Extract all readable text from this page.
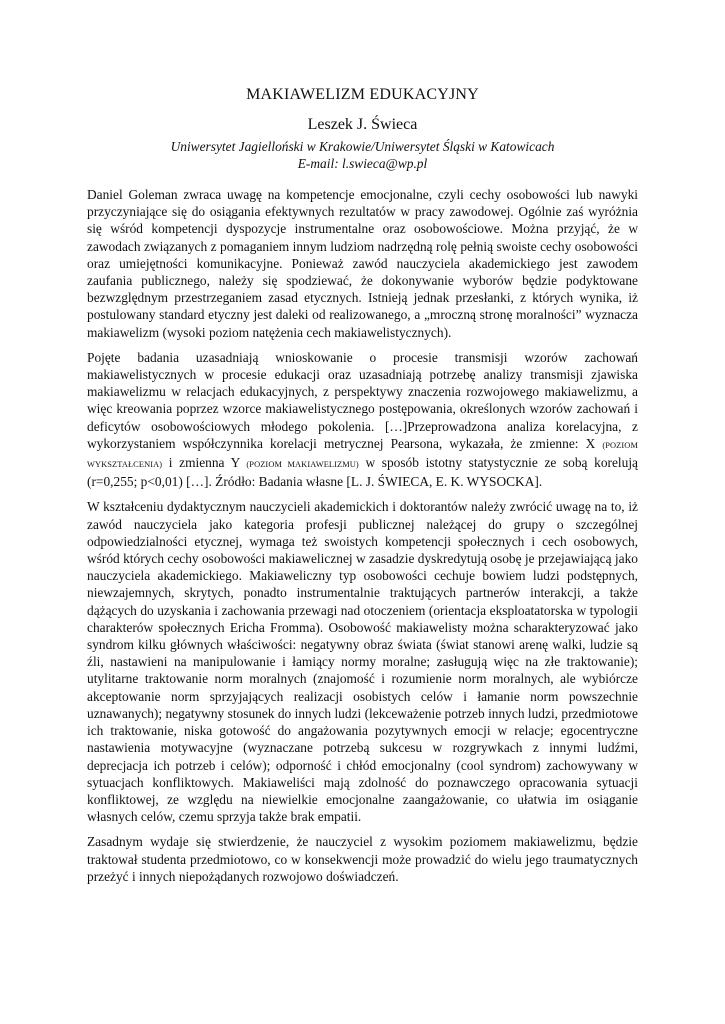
MAKIAWELIZM EDUKACYJNY
Leszek J. Świeca
Uniwersytet Jagielloński w Krakowie/Uniwersytet Śląski w Katowicach
E-mail: l.swieca@wp.pl

Daniel Goleman zwraca uwagę na kompetencje emocjonalne, czyli cechy osobowości lub nawyki przyczyniające się do osiągania efektywnych rezultatów w pracy zawodowej. Ogólnie zaś wyróżnia się wśród kompetencji dyspozycje instrumentalne oraz osobowościowe. Można przyjąć, że w zawodach związanych z pomaganiem innym ludziom nadrzędną rolę pełnią swoiste cechy osobowości oraz umiejętności komunikacyjne. Ponieważ zawód nauczyciela akademickiego jest zawodem zaufania publicznego, należy się spodziewać, że dokonywanie wyborów będzie podyktowane bezwzględnym przestrzeganiem zasad etycznych. Istnieją jednak przesłanki, z których wynika, iż postulowany standard etyczny jest daleki od realizowanego, a „mroczną stronę moralności” wyznacza makiawelizm (wysoki poziom natężenia cech makiawelistycznych).

Pojęte badania uzasadniają wnioskowanie o procesie transmisji wzorów zachowań makiawelistycznych w procesie edukacji oraz uzasadniają potrzebę analizy transmisji zjawiska makiawelizmu w relacjach edukacyjnych, z perspektywy znaczenia rozwojowego makiawelizmu, a więc kreowania poprzez wzorce makiawelistycznego postępowania, określonych wzorów zachowań i deficytów osobowościowych młodego pokolenia. […]Przeprowadzona analiza korelacyjna, z wykorzystaniem współczynnika korelacji metrycznej Pearsona, wykazała, że zmienne: X (POZIOM WYKSZTAŁCENIA) i zmienna Y (POZIOM MAKIAWELIZMU) w sposób istotny statystycznie ze sobą korelują (r=0,255; p<0,01) […]. Źródło: Badania własne [L. J. ŚWIECA, E. K. WYSOCKA].

W kształceniu dydaktycznym nauczycieli akademickich i doktorantów należy zwrócić uwagę na to, iż zawód nauczyciela jako kategoria profesji publicznej należącej do grupy o szczególnej odpowiedzialności etycznej, wymaga też swoistych kompetencji społecznych i cech osobowych, wśród których cechy osobowości makiawelicznej w zasadzie dyskredytują osobę je przejawiającą jako nauczyciela akademickiego. Makiaweliczny typ osobowości cechuje bowiem ludzi podstępnych, niewzajemnych, skrytych, ponadto instrumentalnie traktujących partnerów interakcji, a także dążących do uzyskania i zachowania przewagi nad otoczeniem (orientacja eksploatatorska w typologii charakterów społecznych Ericha Fromma). Osobowość makiawelisty można scharakteryzować jako syndrom kilku głównych właściwości: negatywny obraz świata (świat stanowi arenę walki, ludzie są źli, nastawieni na manipulowanie i łamiący normy moralne; zasługują więc na złe traktowanie); utylitarne traktowanie norm moralnych (znajomość i rozumienie norm moralnych, ale wybiórcze akceptowanie norm sprzyjających realizacji osobistych celów i łamanie norm powszechnie uznawanych); negatywny stosunek do innych ludzi (lekceważenie potrzeb innych ludzi, przedmiotowe ich traktowanie, niska gotowość do angażowania pozytywnych emocji w relacje; egocentryczne nastawienia motywacyjne (wyznaczane potrzebą sukcesu w rozgrywkach z innymi ludźmi, deprecjacja ich potrzeb i celów); odporność i chłód emocjonalny (cool syndrom) zachowywany w sytuacjach konfliktowych. Makiaweliści mają zdolność do poznawczego opracowania sytuacji konfliktowej, ze względu na niewielkie emocjonalne zaangażowanie, co ułatwia im osiąganie własnych celów, czemu sprzyja także brak empatii.

Zasadnym wydaje się stwierdzenie, że nauczyciel z wysokim poziomem makiawelizmu, będzie traktował studenta przedmiotowo, co w konsekwencji może prowadzić do wielu jego traumatycznych przeżyć i innych niepożądanych rozwojowo doświadczeń.
